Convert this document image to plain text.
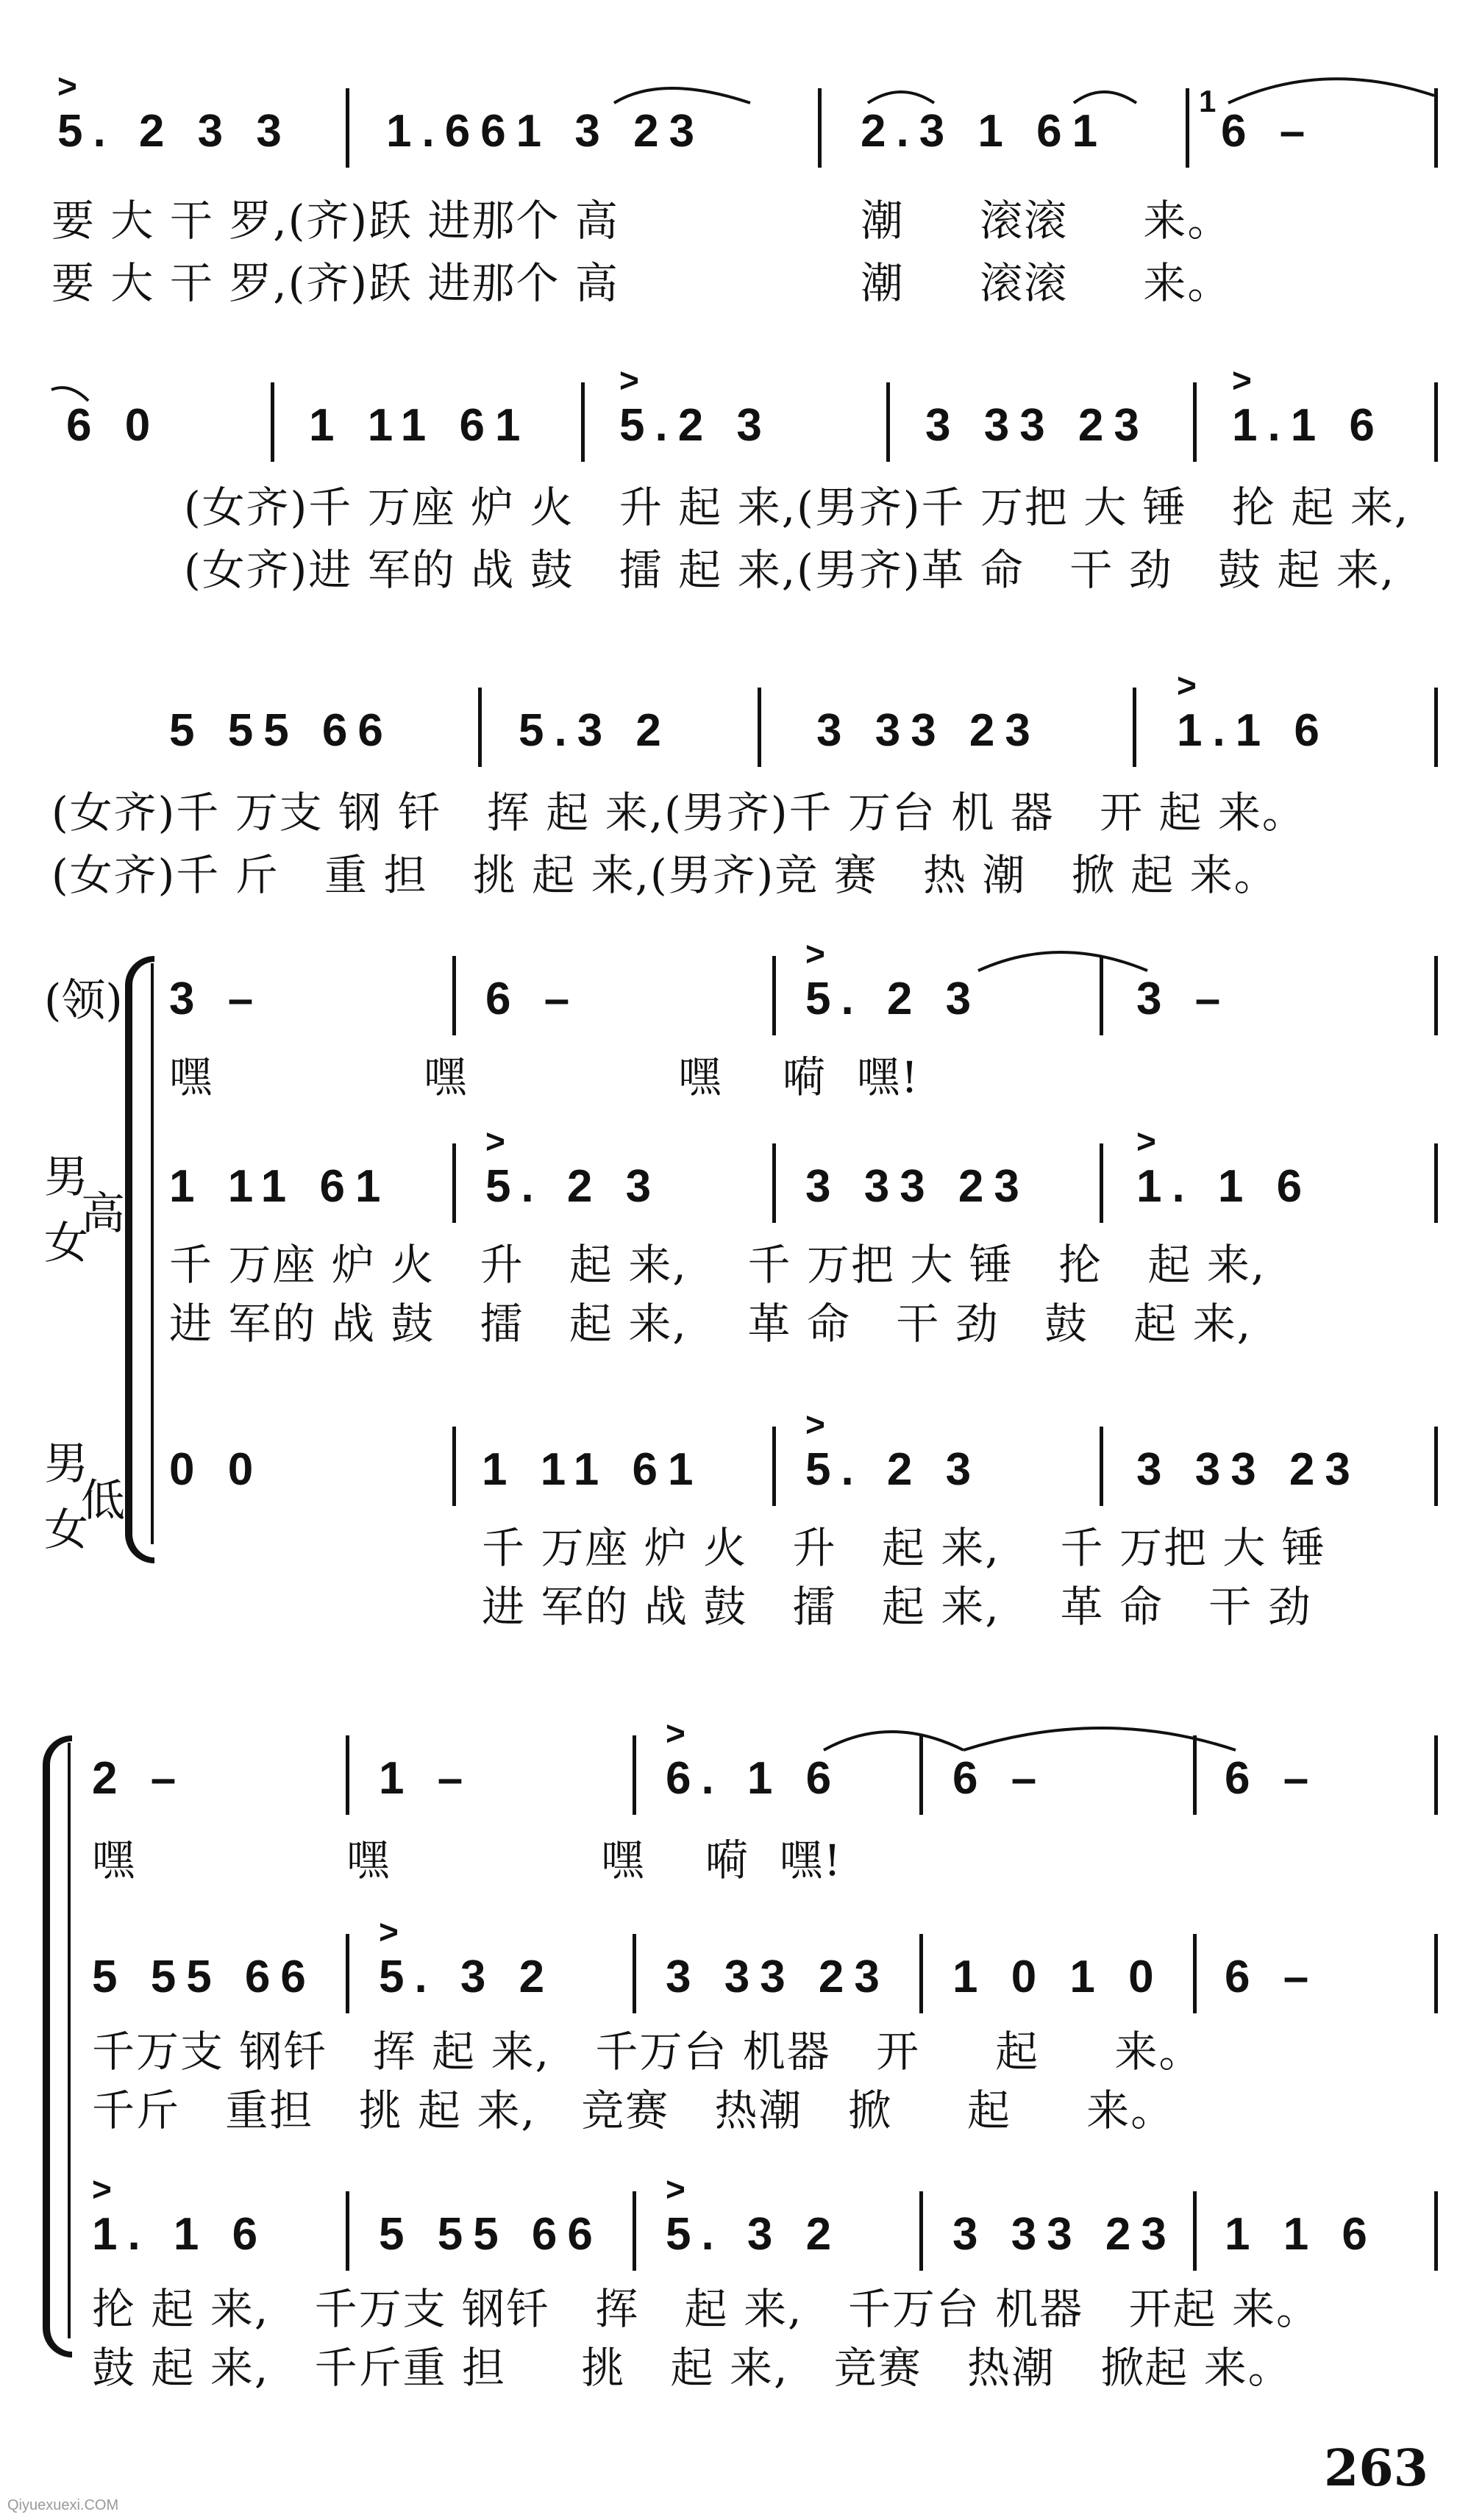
>
5. 2 3 3 1.661 3 23	2.3 1 61
1
6 –
要 大 干 罗,(齐)跃 进那个 高	潮     滚滚     来。
要 大 干 罗,(齐)跃 进那个 高	潮     滚滚     来。
6 0	1 11 61
>
5.2 3	3 33 23
>
1.1 6
(女齐)千 万座 炉 火   升 起 来,(男齐)千 万把 大 锤   抡 起 来,
(女齐)进 军的 战 鼓   擂 起 来,(男齐)革 命   干 劲   鼓 起 来,
5 55 66	5.3 2	3 33 23
>
1.1 6
(女齐)千 万支 钢 钎   挥 起 来,(男齐)千 万台 机 器   开 起 来。
(女齐)千 斤   重 担   挑 起 来,(男齐)竞 赛   热 潮   掀 起 来。
(领)
男
高
女
男
低
女
3 –	6 –
>
5. 2 3	3 –
嘿              嘿              嘿    嗬  嘿!
1 11 61
>
5. 2 3	3 33 23
>
1. 1 6
千 万座 炉 火   升   起 来,    千 万把 大 锤   抡   起 来,
进 军的 战 鼓   擂   起 来,    革 命   干 劲   鼓   起 来,
0 0	1 11 61
>
5. 2 3	3 33 23
千 万座 炉 火   升   起 来,    千 万把 大 锤
进 军的 战 鼓   擂   起 来,    革 命   干 劲
2 –	1 –
>
6. 1 6 6 –	6 –
嘿              嘿              嘿    嗬  嘿!
5 55 66
>
5. 3 2 3 33 23 1 0 1 0 6 –
千万支 钢钎   挥 起 来,   千万台 机器   开     起     来。
千斤   重担   挑 起 来,   竞赛   热潮   掀     起     来。
>
1. 1 6 5 55 66
>
5. 3 2 3 33 23 1 1 6
抡 起 来,   千万支 钢钎   挥   起 来,   千万台 机器   开起 来。
鼓 起 来,   千斤重 担     挑   起 来,   竞赛   热潮   掀起 来。
263
Qiyuexuexi.COM
